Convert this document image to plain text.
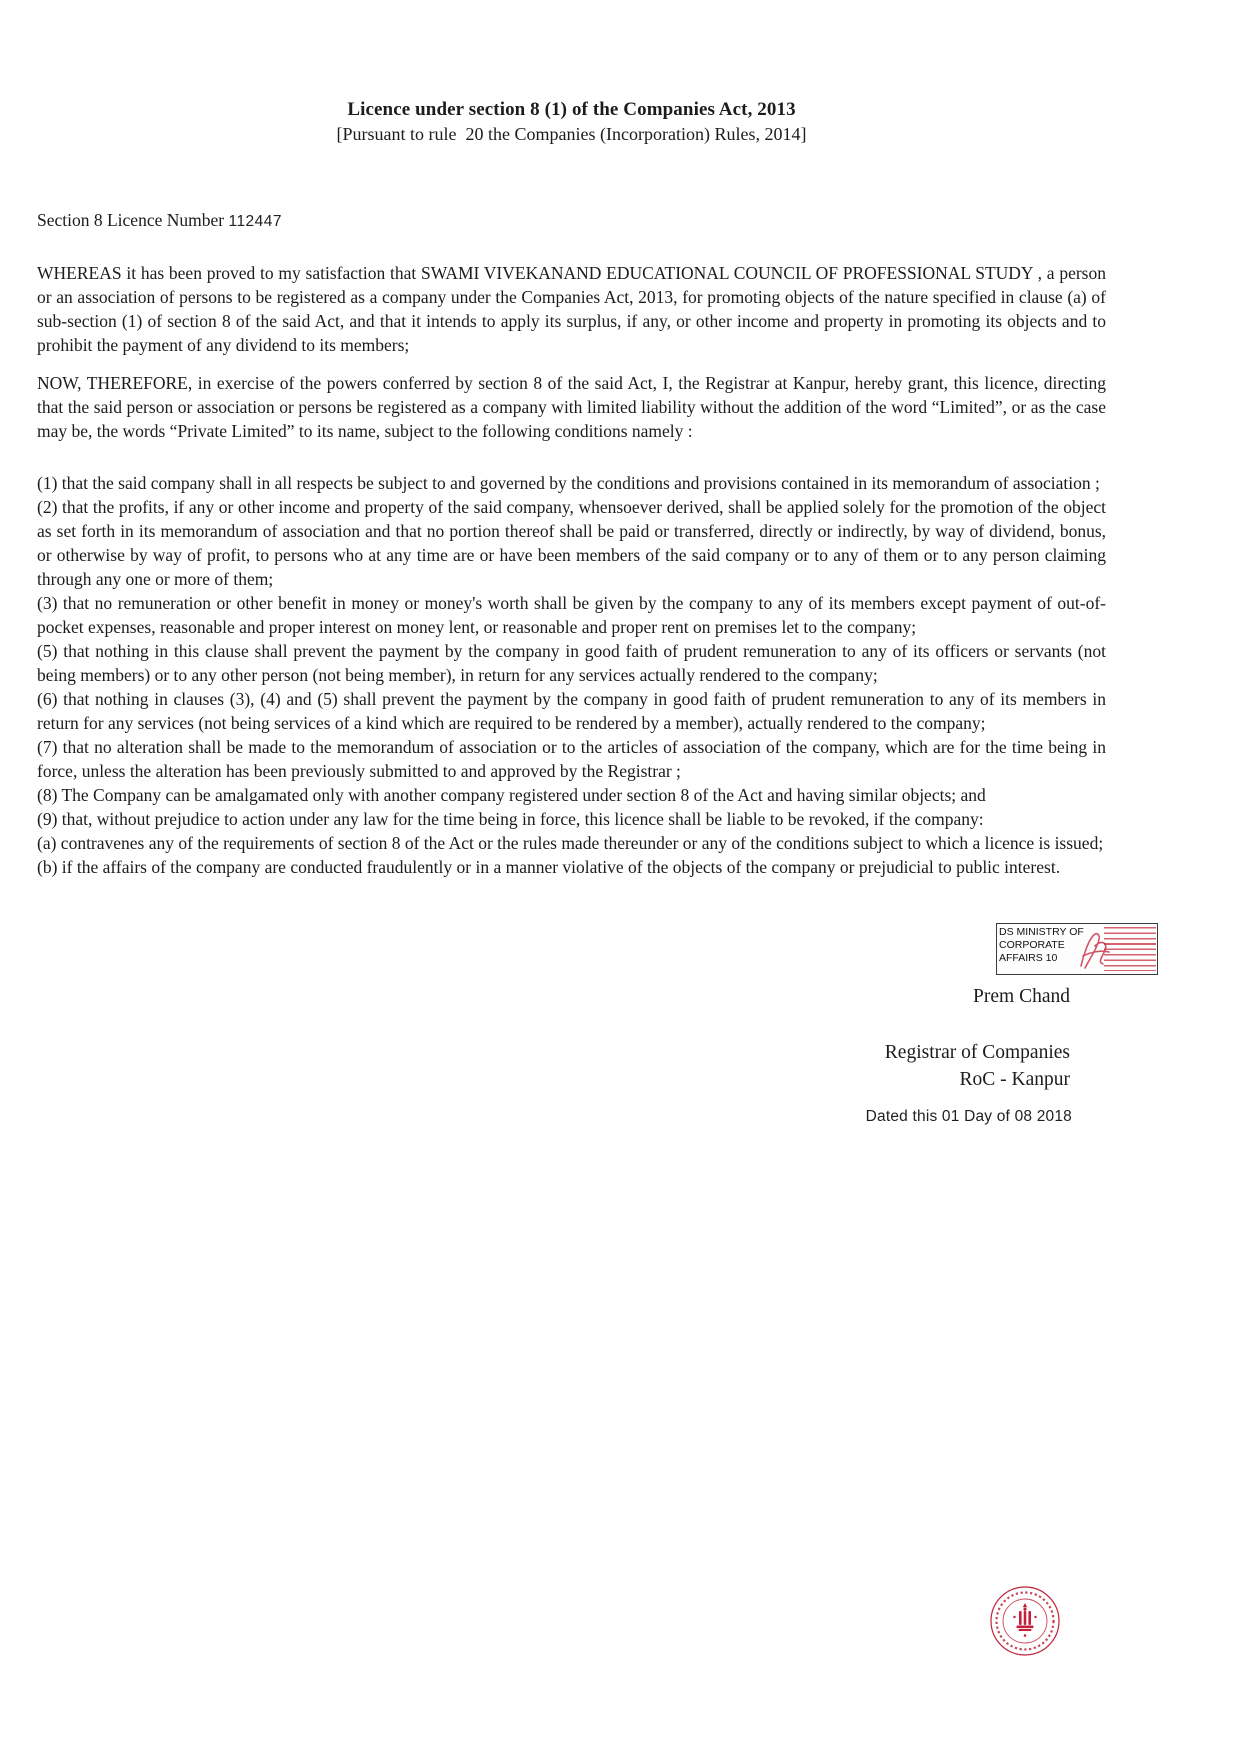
Licence under section 8 (1) of the Companies Act, 2013
[Pursuant to rule  20 the Companies (Incorporation) Rules, 2014]
Section 8 Licence Number 112447

WHEREAS it has been proved to my satisfaction that SWAMI VIVEKANAND EDUCATIONAL COUNCIL OF PROFESSIONAL STUDY , a person or an association of persons to be registered as a company under the Companies Act, 2013, for promoting objects of the nature specified in clause (a) of sub-section (1) of section 8 of the said Act, and that it intends to apply its surplus, if any, or other income and property in promoting its objects and to prohibit the payment of any dividend to its members;

NOW, THEREFORE, in exercise of the powers conferred by section 8 of the said Act, I, the Registrar at Kanpur, hereby grant, this licence, directing that the said person or association or persons be registered as a company with limited liability without the addition of the word “Limited”, or as the case may be, the words “Private Limited” to its name, subject to the following conditions namely :

(1) that the said company shall in all respects be subject to and governed by the conditions and provisions contained in its memorandum of association ;

(2) that the profits, if any or other income and property of the said company, whensoever derived, shall be applied solely for the promotion of the object as set forth in its memorandum of association and that no portion thereof shall be paid or transferred, directly or indirectly, by way of dividend, bonus, or otherwise by way of profit, to persons who at any time are or have been members of the said company or to any of them or to any person claiming through any one or more of them;

(3) that no remuneration or other benefit in money or money's worth shall be given by the company to any of its members except payment of out-of-pocket expenses, reasonable and proper interest on money lent, or reasonable and proper rent on premises let to the company;

(5) that nothing in this clause shall prevent the payment by the company in good faith of prudent remuneration to any of its officers or servants (not being members) or to any other person (not being member), in return for any services actually rendered to the company;

(6) that nothing in clauses (3), (4) and (5) shall prevent the payment by the company in good faith of prudent remuneration to any of its members in return for any services (not being services of a kind which are required to be rendered by a member), actually rendered to the company;

(7) that no alteration shall be made to the memorandum of association or to the articles of association of the company, which are for the time being in force, unless the alteration has been previously submitted to and approved by the Registrar ;

(8) The Company can be amalgamated only with another company registered under section 8 of the Act and having similar objects; and

(9) that, without prejudice to action under any law for the time being in force, this licence shall be liable to be revoked, if the company:

(a) contravenes any of the requirements of section 8 of the Act or the rules made thereunder or any of the conditions subject to which a licence is issued;

(b) if the affairs of the company are conducted fraudulently or in a manner violative of the objects of the company or prejudicial to public interest.

DS MINISTRY OF CORPORATE AFFAIRS 10
Prem Chand
Registrar of Companies
RoC - Kanpur
Dated this 01 Day of 08 2018
